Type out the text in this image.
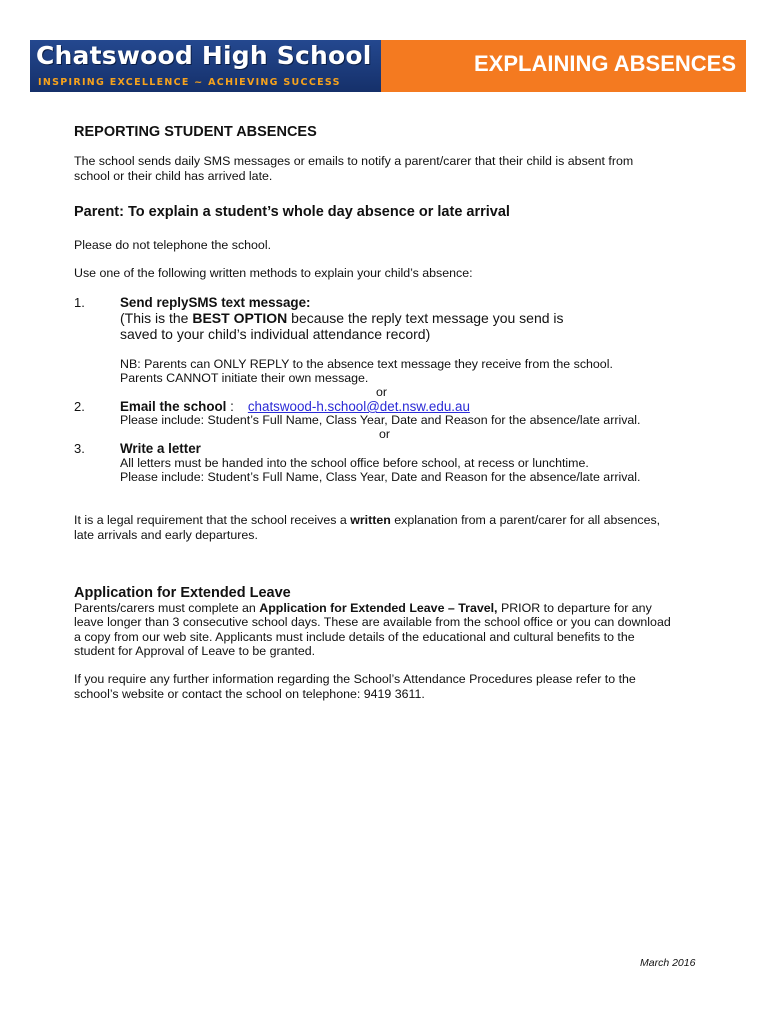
Chatswood High School
INSPIRING EXCELLENCE ~ ACHIEVING SUCCESS
EXPLAINING ABSENCES
REPORTING STUDENT ABSENCES
The school sends daily SMS messages or emails to notify a parent/carer that their child is absent from
school or their child has arrived late.
Parent: To explain a student’s whole day absence or late arrival
Please do not telephone the school.
Use one of the following written methods to explain your child’s absence:
1.	Send replySMS text message:
(This is the BEST OPTION because the reply text message you send is
saved to your child’s individual attendance record)
NB: Parents can ONLY REPLY to the absence text message they receive from the school.
Parents CANNOT initiate their own message.
or
2.	Email the school : chatswood-h.school@det.nsw.edu.au
Please include: Student’s Full Name, Class Year, Date and Reason for the absence/late arrival.
or
3.	Write a letter
All letters must be handed into the school office before school, at recess or lunchtime.
Please include: Student’s Full Name, Class Year, Date and Reason for the absence/late arrival.
It is a legal requirement that the school receives a written explanation from a parent/carer for all absences,
late arrivals and early departures.
Application for Extended Leave
Parents/carers must complete an Application for Extended Leave – Travel, PRIOR to departure for any
leave longer than 3 consecutive school days. These are available from the school office or you can download
a copy from our web site. Applicants must include details of the educational and cultural benefits to the
student for Approval of Leave to be granted.
If you require any further information regarding the School’s Attendance Procedures please refer to the
school’s website or contact the school on telephone: 9419 3611.
March 2016
